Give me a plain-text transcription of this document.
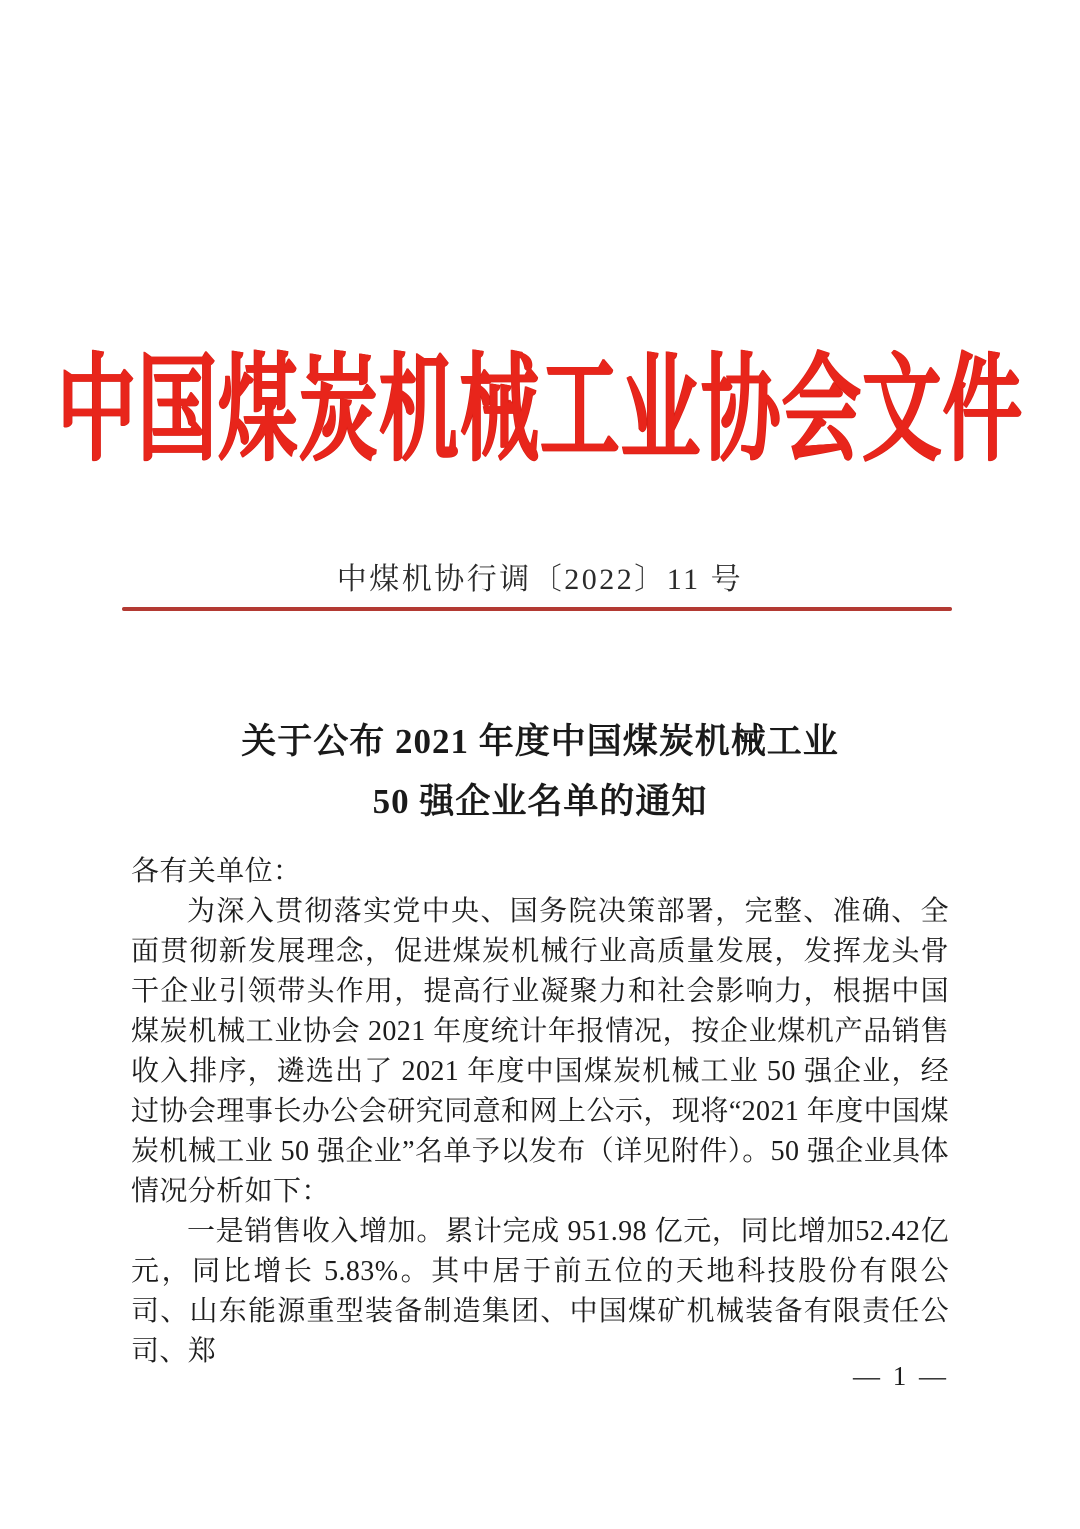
中国煤炭机械工业协会文件
中煤机协行调〔2022〕11 号
关于公布 2021 年度中国煤炭机械工业
50 强企业名单的通知

各有关单位：

为深入贯彻落实党中央、国务院决策部署，完整、准确、全面贯彻新发展理念，促进煤炭机械行业高质量发展，发挥龙头骨干企业引领带头作用，提高行业凝聚力和社会影响力，根据中国煤炭机械工业协会 2021 年度统计年报情况，按企业煤机产品销售收入排序，遴选出了 2021 年度中国煤炭机械工业 50 强企业，经过协会理事长办公会研究同意和网上公示，现将“2021 年度中国煤炭机械工业 50 强企业”名单予以发布（详见附件）。50 强企业具体情况分析如下：

一是销售收入增加。累计完成 951.98 亿元，同比增加52.42亿元，同比增长 5.83%。其中居于前五位的天地科技股份有限公司、山东能源重型装备制造集团、中国煤矿机械装备有限责任公司、郑

— 1 —
